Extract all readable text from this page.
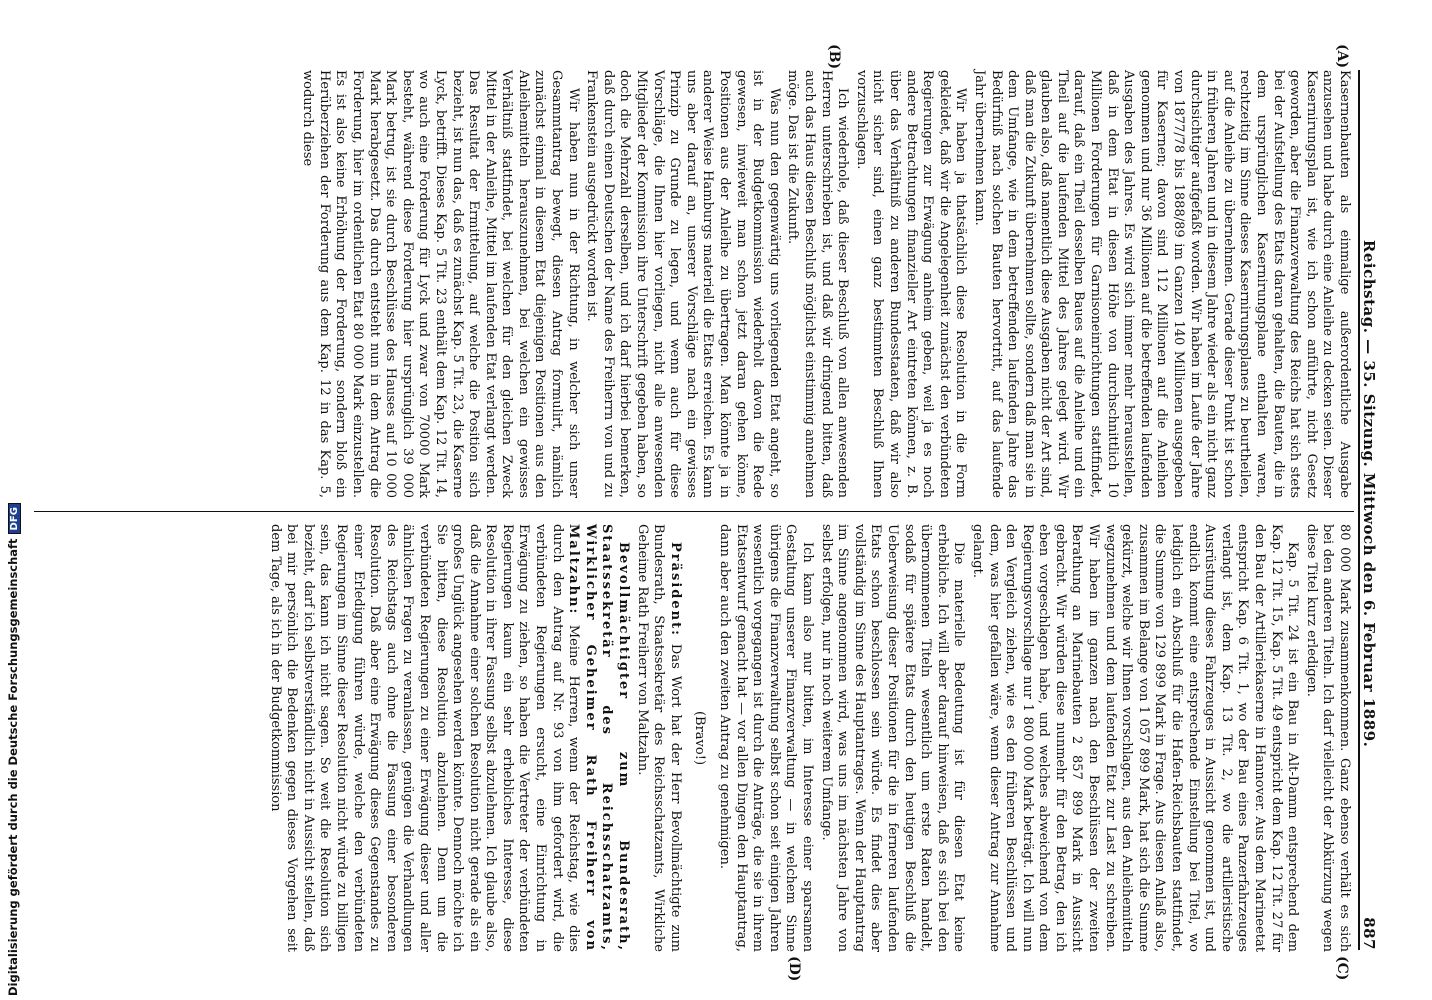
Digitalisierung gefördert durch die Deutsche ForschungsgemeinschaftDFG	Reichstag. — 35. Sitzung. Mittwoch den 6. Februar 1889.
887
(A)
(B)
(C)
(D)

Kasernenbauten als einmalige außerordentliche Ausgabe anzusehen und habe durch eine Anleihe zu decken seien. Dieser Kasernirungsplan ist, wie ich schon anführte, nicht Gesetz geworden, aber die Finanzverwaltung des Reichs hat sich stets bei der Aufstellung des Etats daran gehalten, die Bauten, die in dem ursprünglichen Kasernirungsplane enthalten waren, rechtzeitig im Sinne dieses Kasernirungsplanes zu beurtheilen, auf die Anleihe zu übernehmen. Gerade dieser Punkt ist schon in früheren Jahren und in diesem Jahre wieder als ein nicht ganz durchsichtiger aufgefaßt worden. Wir haben im Laufe der Jahre von 1877/78 bis 1888/89 im Ganzen 140 Millionen ausgegeben für Kasernen; davon sind 112 Millionen auf die Anleihen genommen und nur 36 Millionen auf die betreffenden laufenden Ausgaben des Jahres. Es wird sich immer mehr herausstellen, daß in dem Etat in diesen Höhe von durchschnittlich 10 Millionen Forderungen für Garnisoneinrichtungen stattfindet, darauf, daß ein Theil desselben Baues auf die Anleihe und ein Theil auf die laufenden Mittel des Jahres gelegt wird. Wir glauben also, daß namentlich diese Ausgaben nicht der Art sind, daß man die Zukunft übernehmen sollte, sondern daß man sie in dem Umfange, wie in dem betreffenden laufenden Jahre das Bedürfniß nach solchen Bauten hervortritt, auf das laufende Jahr übernehmen kann.

Wir haben ja thatsächlich diese Resolution in die Form gekleidet, daß wir die Angelegenheit zunächst den verbündeten Regierungen zur Erwägung anheim geben, weil ja es noch andere Betrachtungen finanzieller Art eintreten können, z. B. über das Verhältniß zu anderen Bundesstaaten, daß wir also nicht sicher sind, einen ganz bestimmten Beschluß Ihnen vorzuschlagen.

Ich wiederhole, daß dieser Beschluß von allen anwesenden Herren unterschrieben ist, und daß wir dringend bitten, daß auch das Haus diesen Beschluß möglichst einstimmig annehmen möge. Das ist die Zukunft.

Was nun den gegenwärtig uns vorliegenden Etat angeht, so ist in der Budgetkommission wiederholt davon die Rede gewesen, inwieweit man schon jetzt daran gehen könne, Positionen aus der Anleihe zu übertragen. Man könnte ja in anderer Weise Hamburgs materiell die Etats erreichen. Es kann uns aber darauf an, unserer Vorschläge nach ein gewisses Prinzip zu Grunde zu legen, und wenn auch für diese Vorschläge, die Ihnen hier vorliegen, nicht alle anwesenden Mitglieder der Kommission ihre Unterschrift gegeben haben, so doch die Mehrzahl derselben, und ich darf hierbei bemerken, daß durch einen Deutschen der Name des Freiherrn von und zu Frankenstein ausgedrückt worden ist.

Wir haben nun in der Richtung, in welcher sich unser Gesammtantrag bewegt, diesen Antrag formulirt, nämlich zunächst einmal in diesem Etat diejenigen Positionen aus den Anleihemitteln herauszunehmen, bei welchen ein gewisses Verhältniß stattfindet, bei welchen für den gleichen Zweck Mittel in der Anleihe, Mittel im laufenden Etat verlangt werden. Das Resultat der Ermittelung, auf welche die Position sich bezieht, ist nun das, daß es zunächst Kap. 5 Tit. 23, die Kaserne Lyck, betrifft. Dieses Kap. 5 Tit. 23 enthält dem Kap. 12 Tit. 14, wo auch eine Forderung für Lyck und zwar von 70000 Mark besteht, während diese Forderung hier ursprünglich 39 000 Mark betrug, ist sie durch Beschlüsse des Hauses auf 10 000 Mark herabgesetzt. Das durch entsteht nun in dem Antrag die Forderung, hier im ordentlichen Etat 80 000 Mark einzustellen. Es ist also keine Erhöhung der Forderung, sondern bloß ein Herüberziehen der Forderung aus dem Kap. 12 in das Kap. 5, wodurch diese

80 000 Mark zusammenkommen. Ganz ebenso verhält es sich bei den anderen Titeln. Ich darf vielleicht der Abkürzung wegen diese Titel kurz erledigen.

Kap. 5 Tit. 24 ist ein Bau in Alt-Damm entsprechend dem Kap. 12 Tit. 15, Kap. 5 Tit. 49 entspricht dem Kap. 12 Tit. 27 für den Bau der Artilleriekaserne in Hannover. Aus dem Marineetat entspricht Kap. 6 Tit. 1, wo der Bau eines Panzerfahrzeuges verlangt ist, dem Kap. 13 Tit. 2, wo die artilleristische Ausrüstung dieses Fahrzeuges in Aussicht genommen ist, und endlich kommt eine entsprechende Einstellung bei Titel, wo lediglich ein Abschluß für die Hafen-Reichsbauten stattfindet, die Summe von 129 899 Mark in Frage. Aus diesen Anlaß also, zusammen im Belange von 1 057 899 Mark, hat sich die Summe gekürzt, welche wir Ihnen vorschlagen, aus den Anleihemitteln wegzunehmen und dem laufenden Etat zur Last zu schreiben. Wir haben im ganzen nach den Beschlüssen der zweiten Berathung an Marinebauten 2 857 899 Mark in Aussicht gebracht. Wir würden diese nunmehr für den Betrag, den ich eben vorgeschlagen habe, und welches abweichend von dem Regierungsvorschlage nur 1 800 000 Mark beträgt. Ich will nun den Vergleich ziehen, wie es den früheren Beschlüssen und dem, was hier gefallen wäre, wenn dieser Antrag zur Annahme gelangt.

Die materielle Bedeutung ist für diesen Etat keine erhebliche. Ich will aber darauf hinweisen, daß es sich bei den übernommenen Titeln wesentlich um erste Raten handelt, sodaß für spätere Etats durch den heutigen Beschluß die Ueberweisung dieser Positionen für die in ferneren laufenden Etats schon beschlossen sein würde. Es findet dies aber vollständig im Sinne des Hauptantrages. Wenn der Hauptantrag im Sinne angenommen wird, was uns im nächsten Jahre von selbst erfolgen, nur in noch weiterem Umfange.

Ich kann also nur bitten, im Interesse einer sparsamen Gestaltung unserer Finanzverwaltung — in welchem Sinne übrigens die Finanzverwaltung selbst schon seit einigen Jahren wesentlich vorgegangen ist durch die Anträge, die sie in ihrem Etatsentwurf gemacht hat — vor allen Dingen den Hauptantrag, dann aber auch den zweiten Antrag zu genehmigen.

(Bravo!)

Präsident: Das Wort hat der Herr Bevollmächtigte zum Bundesrath, Staatssekretär des Reichsschatzamts, Wirkliche Geheime Rath Freiherr von Maltzahn.

Bevollmächtigter zum Bundesrath, Staatssekretär des Reichsschatzamts, Wirklicher Geheimer Rath Freiherr von Maltzahn: Meine Herren, wenn der Reichstag, wie dies durch den Antrag auf Nr. 93 von ihm gefordert wird, die verbündeten Regierungen ersucht, eine Einrichtung in Erwägung zu ziehen, so haben die Vertreter der verbündeten Regierungen kaum ein sehr erhebliches Interesse, diese Resolution in ihrer Fassung selbst abzulehnen. Ich glaube also, daß die Annahme einer solchen Resolution nicht gerade als ein großes Unglück angesehen werden könnte. Dennoch möchte ich Sie bitten, diese Resolution abzulehnen. Denn um die verbündeten Regierungen zu einer Erwägung dieser und aller ähnlichen Fragen zu veranlassen, genügen die Verhandlungen des Reichstags auch ohne die Fassung einer besonderen Resolution. Daß aber eine Erwägung dieses Gegenstandes zu einer Erledigung führen würde, welche den verbündeten Regierungen im Sinne dieser Resolution nicht würde zu billigen sein, das kann ich nicht sagen. So weit die Resolution sich bezieht, darf ich selbstverständlich nicht in Aussicht stellen, daß bei mir persönlich die Bedenken gegen dieses Vorgehen seit dem Tage, als ich in der Budgetkommission
